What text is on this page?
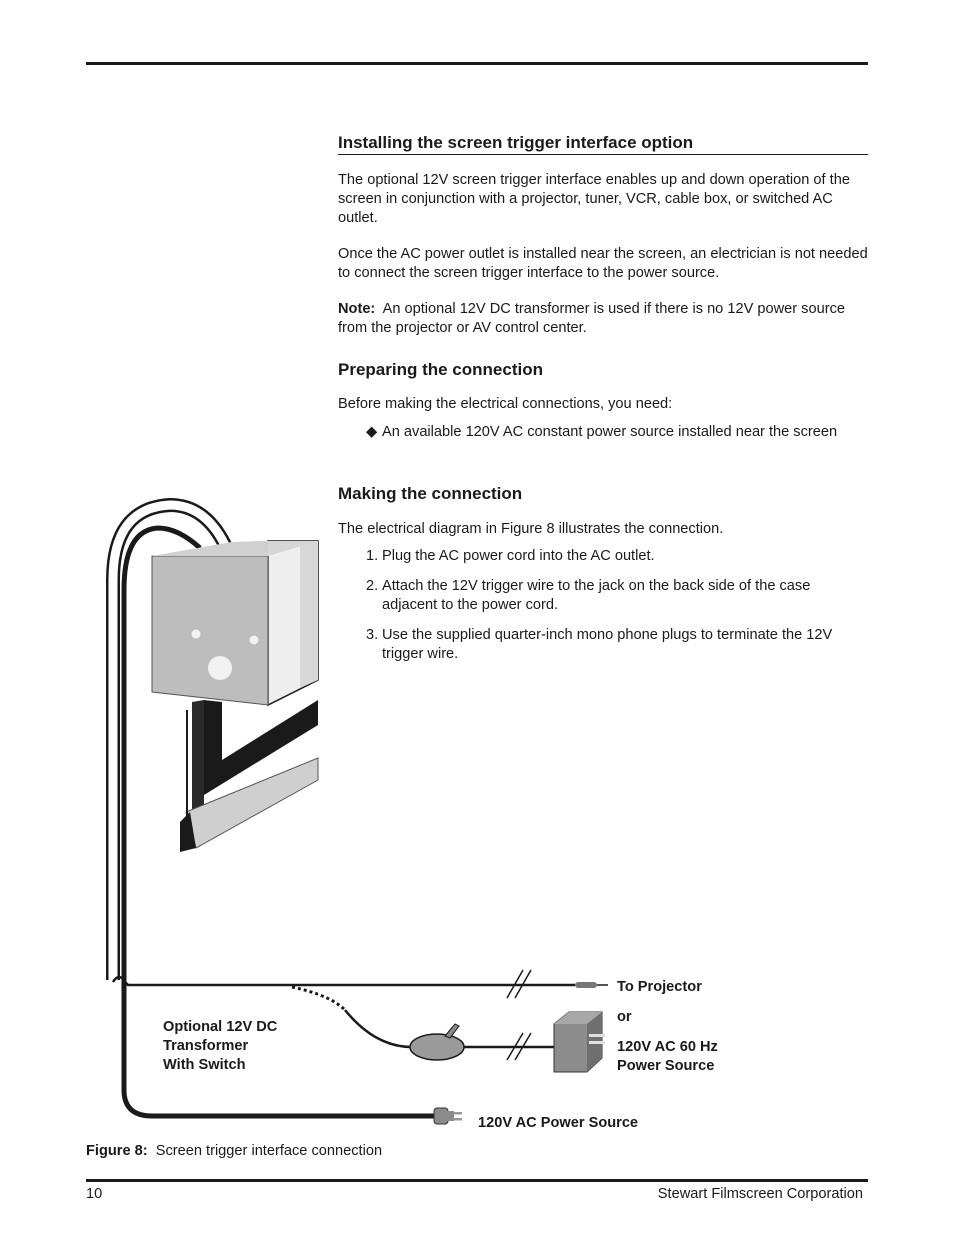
Installing the screen trigger interface option

The optional 12V screen trigger interface enables up and down operation of the screen in conjunction with a projector, tuner, VCR, cable box, or switched AC outlet.

Once the AC power outlet is installed near the screen, an electrician is not needed to connect the screen trigger interface to the power source.

Note: An optional 12V DC transformer is used if there is no 12V power source from the projector or AV control center.

Preparing the connection

Before making the electrical connections, you need:

◆ An available 120V AC constant power source installed near the screen
Making the connection

The electrical diagram in Figure 8 illustrates the connection.

1. Plug the AC power cord into the AC outlet.
2. Attach the 12V trigger wire to the jack on the back side of the case adjacent to the power cord.
3. Use the supplied quarter-inch mono phone plugs to terminate the 12V trigger wire.
Optional 12V DC
Transformer
With Switch
To Projector
or
120V AC 60 Hz
Power Source
120V AC Power Source
Figure 8: Screen trigger interface connection
10	Stewart Filmscreen Corporation
